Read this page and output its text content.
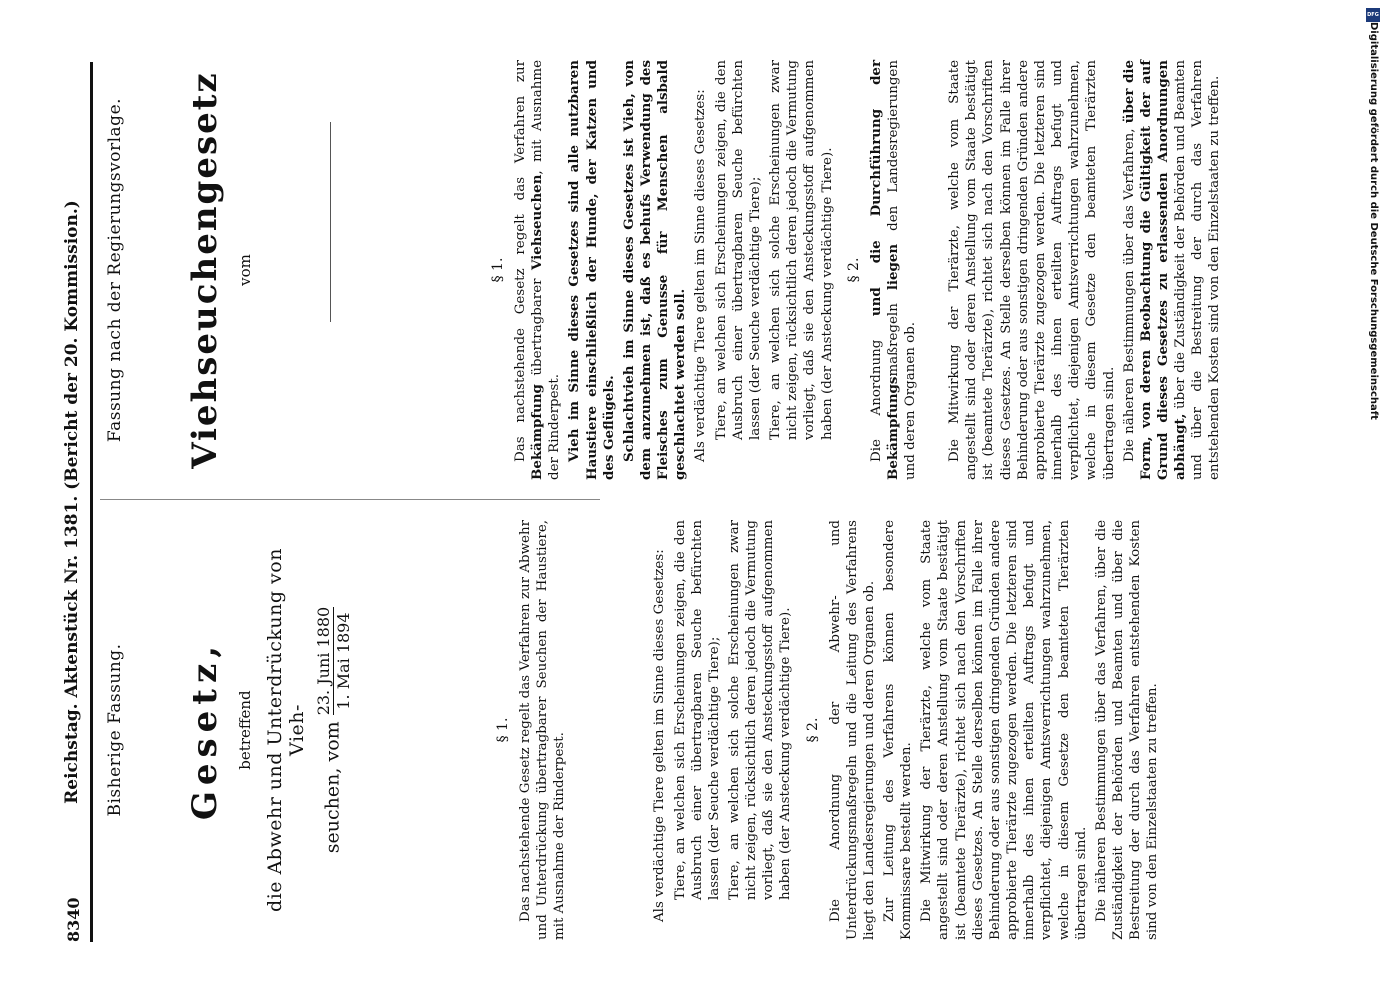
8340
Reichstag. Aktenstück Nr. 1381. (Bericht der 20. Kommission.) Bisherige Fassung. Gesetz, betreffend die Abwehr und Unterdrückung von Vieh- seuchen, vom
23. Juni 1880 1. Mai 1894
§ 1. Das nachstehende Gesetz regelt das Verfahren zur Abwehr und Unterdrückung übertragbarer Seuchen der Haustiere, mit Ausnahme der Rinderpest.	Als verdächtige Tiere gelten im Sinne dieses Gesetzes: Tiere, an welchen sich Erscheinungen zeigen, die den Ausbruch einer übertragbaren Seuche befürchten lassen (der Seuche verdächtige Tiere); Tiere, an welchen sich solche Erscheinungen zwar nicht zeigen, rücksichtlich deren jedoch die Vermutung vorliegt, daß sie den Ansteckungsstoff aufgenommen haben (der Ansteckung verdächtige Tiere). § 2. Die Anordnung der Abwehr- und Unterdrückungsmaßregeln und die Leitung des Verfahrens liegt den Landesregierungen und deren Organen ob. Zur Leitung des Verfahrens können besondere Kommissare bestellt werden. Die Mitwirkung der Tierärzte, welche vom Staate angestellt sind oder deren Anstellung vom Staate bestätigt ist (beamtete Tierärzte), richtet sich nach den Vorschriften dieses Gesetzes. An Stelle derselben können im Falle ihrer Behinderung oder aus sonstigen dringenden Gründen andere approbierte Tierärzte zugezogen werden. Die letzteren sind innerhalb des ihnen erteilten Auftrags befugt und verpflichtet, diejenigen Amtsverrichtungen wahrzunehmen, welche in diesem Gesetze den beamteten Tierärzten übertragen sind. Die näheren Bestimmungen über das Verfahren, über die Zuständigkeit der Behörden und Beamten und über die Bestreitung der durch das Verfahren entstehenden Kosten sind von den Einzelstaaten zu treffen.

Fassung nach der Regierungsvorlage. Viehseuchengesetz vom	§ 1. Das nachstehende Gesetz regelt das Verfahren zur Bekämpfung übertragbarer Viehseuchen, mit Ausnahme der Rinderpest. Vieh im Sinne dieses Gesetzes sind alle nutzbaren Haustiere einschließlich der Hunde, der Katzen und des Geflügels. Schlachtvieh im Sinne dieses Gesetzes ist Vieh, von dem anzunehmen ist, daß es behufs Verwendung des Fleisches zum Genusse für Menschen alsbald geschlachtet werden soll. Als verdächtige Tiere gelten im Sinne dieses Gesetzes: Tiere, an welchen sich Erscheinungen zeigen, die den Ausbruch einer übertragbaren Seuche befürchten lassen (der Seuche verdächtige Tiere); Tiere, an welchen sich solche Erscheinungen zwar nicht zeigen, rücksichtlich deren jedoch die Vermutung vorliegt, daß sie den Ansteckungsstoff aufgenommen haben (der Ansteckung verdächtige Tiere). § 2.

Die Anordnung und die Durchführung der Bekämpfungsmaßregeln liegen den Landesregierungen und deren Organen ob. Die Mitwirkung der Tierärzte, welche vom Staate angestellt sind oder deren Anstellung vom Staate bestätigt ist (beamtete Tierärzte), richtet sich nach den Vorschriften dieses Gesetzes. An Stelle derselben können im Falle ihrer Behinderung oder aus sonstigen dringenden Gründen andere approbierte Tierärzte zugezogen werden. Die letzteren sind innerhalb des ihnen erteilten Auftrags befugt und verpflichtet, diejenigen Amtsverrichtungen wahrzunehmen, welche in diesem Gesetze den beamteten Tierärzten übertragen sind. Die näheren Bestimmungen über das Verfahren, über die Form, von deren Beobachtung die Gültigkeit der auf Grund dieses Gesetzes zu erlassenden Anordnungen abhängt, über die Zuständigkeit der Behörden und Beamten und über die Bestreitung der durch das Verfahren entstehenden Kosten sind von den Einzelstaaten zu treffen.

DFG
Digitalisierung gefördert durch die Deutsche Forschungsgemeinschaft
